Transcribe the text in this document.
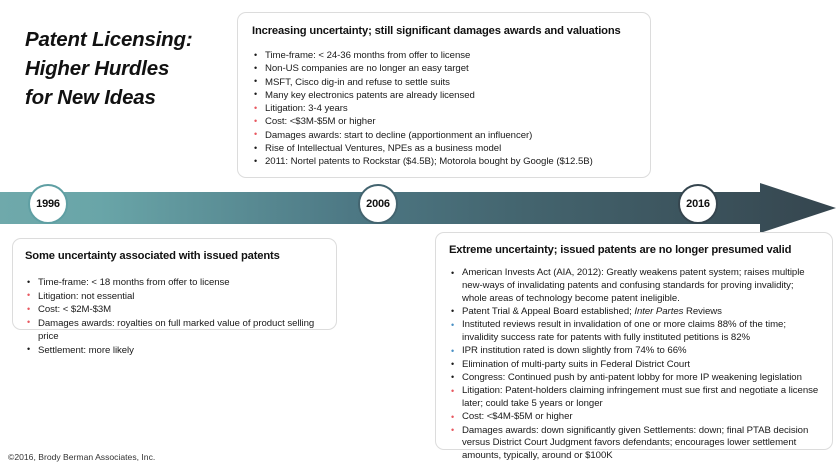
Patent Licensing:
Higher Hurdles
for New Ideas
Increasing uncertainty; still significant damages awards and valuations
• Time-frame: < 24-36 months from offer to license
• Non-US companies are no longer an easy target
• MSFT, Cisco dig-in and refuse to settle suits
• Many key electronics patents are already licensed
• Litigation: 3-4 years
• Cost: <$3M-$5M or higher
• Damages awards: start to decline (apportionment an influencer)
• Rise of Intellectual Ventures, NPEs as a business model
• 2011: Nortel patents to Rockstar ($4.5B); Motorola bought by Google ($12.5B)
1996	2006	2016
Some uncertainty associated with issued patents
• Time-frame: < 18 months from offer to license
• Litigation: not essential
• Cost: < $2M-$3M
• Damages awards: royalties on full marked value of product selling price
• Settlement: more likely
Extreme uncertainty; issued patents are no longer presumed valid
• American Invests Act (AIA, 2012): Greatly weakens patent system; raises multiple new-ways of invalidating patents and confusing standards for proving invalidity; whole areas of technology become patent ineligible.
• Patent Trial & Appeal Board established; Inter Partes Reviews
• Instituted reviews result in invalidation of one or more claims 88% of the time; invalidity success rate for patents with fully instituted petitions is 82%
• IPR institution rated is down slightly from 74% to 66%
• Elimination of multi-party suits in Federal District Court
• Congress: Continued push by anti-patent lobby for more IP weakening legislation
• Litigation: Patent-holders claiming infringement must sue first and negotiate a license later; could take 5 years or longer
• Cost: <$4M-$5M or higher
• Damages awards: down significantly given Settlements: down; final PTAB decision versus District Court Judgment favors defendants; encourages lower settlement amounts, typically, around or $100K
©2016, Brody Berman Associates, Inc.
